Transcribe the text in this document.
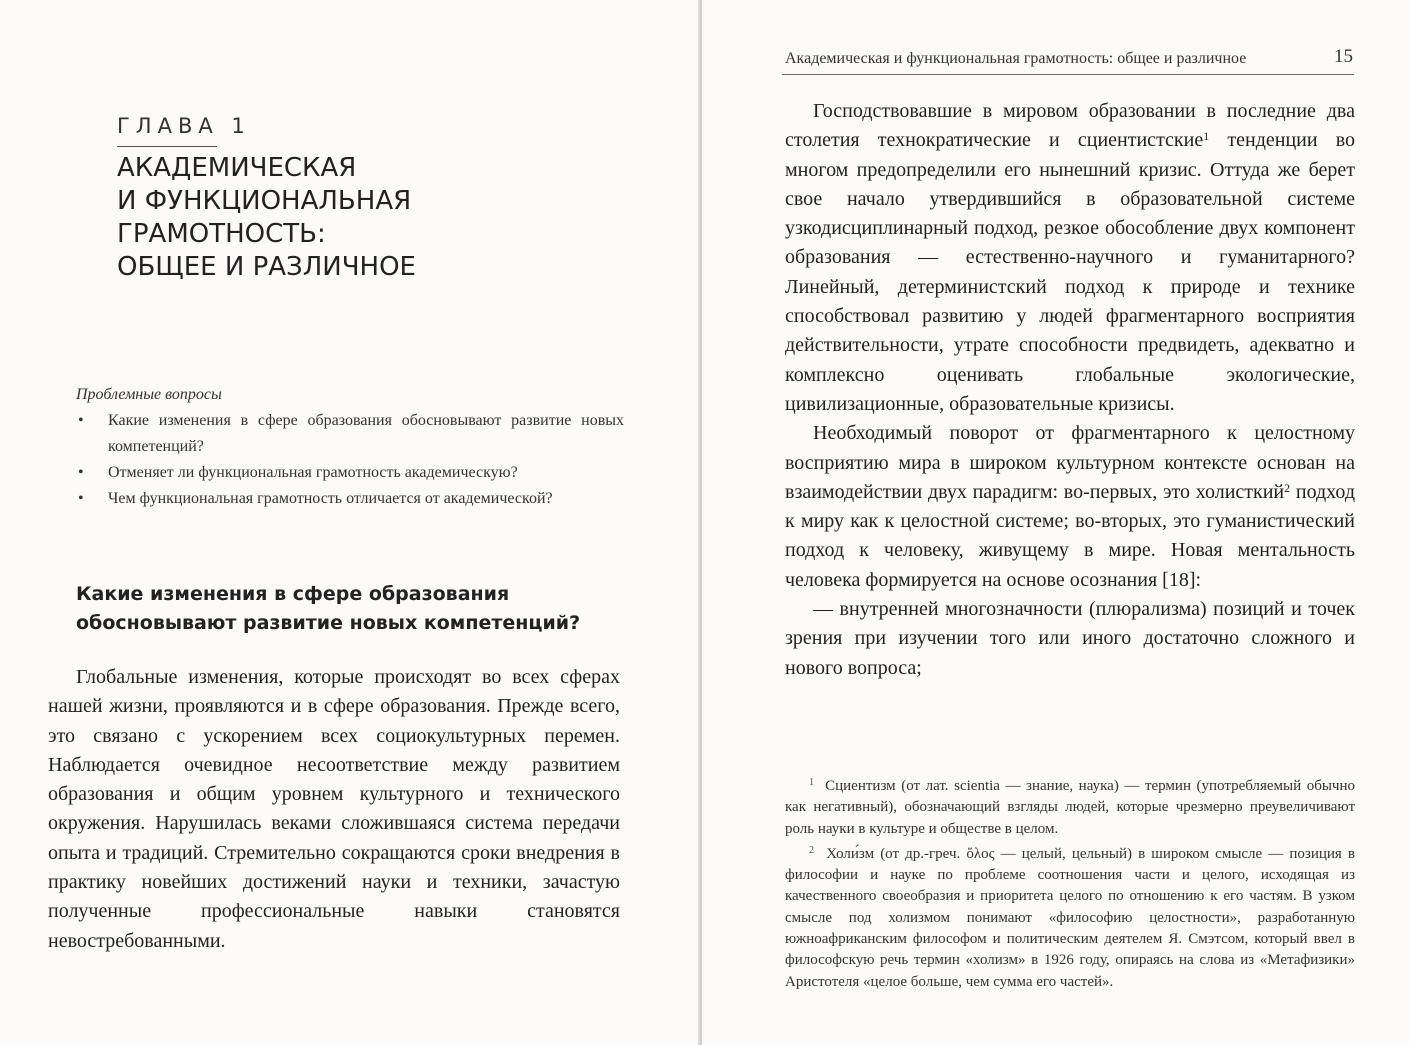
ГЛАВА 1
АКАДЕМИЧЕСКАЯ
И ФУНКЦИОНАЛЬНАЯ
ГРАМОТНОСТЬ:
ОБЩЕЕ И РАЗЛИЧНОЕ
Проблемные вопросы
• Какие изменения в сфере образования обосновывают развитие новых компетенций?
• Отменяет ли функциональная грамотность академическую?
• Чем функциональная грамотность отличается от академической?
Какие изменения в сфере образования
обосновывают развитие новых компетенций?

Глобальные изменения, которые происходят во всех сферах нашей жизни, проявляются и в сфере образования. Прежде всего, это связано с ускорением всех социокультурных перемен. Наблюдается очевидное несоответствие между развитием образования и общим уровнем культурного и технического окружения. Нарушилась веками сложившаяся система передачи опыта и традиций. Стремительно сокращаются сроки внедрения в практику новейших достижений науки и техники, зачастую полученные профессиональные навыки становятся невостребованными.

Академическая и функциональная грамотность: общее и различное	15

Господствовавшие в мировом образовании в последние два столетия технократические и сциентистские$^1$ тенденции во многом предопределили его нынешний кризис. Оттуда же берет свое начало утвердившийся в образовательной системе узкодисциплинарный подход, резкое обособление двух компонент образования — естественно-научного и гуманитарного? Линейный, детерминистский подход к природе и технике способствовал развитию у людей фрагментарного восприятия действительности, утрате способности предвидеть, адекватно и комплексно оценивать глобальные экологические, цивилизационные, образовательные кризисы.

Необходимый поворот от фрагментарного к целостному восприятию мира в широком культурном контексте основан на взаимодействии двух парадигм: во-первых, это холисткий$^2$ подход к миру как к целостной системе; во-вторых, это гуманистический подход к человеку, живущему в мире. Новая ментальность человека формируется на основе осознания [18]:

— внутренней многозначности (плюрализма) позиций и точек зрения при изучении того или иного достаточно сложного и нового вопроса;

$^1$ Сциентизм (от лат. scientia — знание, наука) — термин (употребляемый обычно как негативный), обозначающий взгляды людей, которые чрезмерно преувеличивают роль науки в культуре и обществе в целом.

$^2$ Холи́зм (от др.-греч. ὅλος — целый, цельный) в широком смысле — позиция в философии и науке по проблеме соотношения части и целого, исходящая из качественного своеобразия и приоритета целого по отношению к его частям. В узком смысле под холизмом понимают «философию целостности», разработанную южноафриканским философом и политическим деятелем Я. Смэтсом, который ввел в философскую речь термин «холизм» в 1926 году, опираясь на слова из «Метафизики» Аристотеля «целое больше, чем сумма его частей».
